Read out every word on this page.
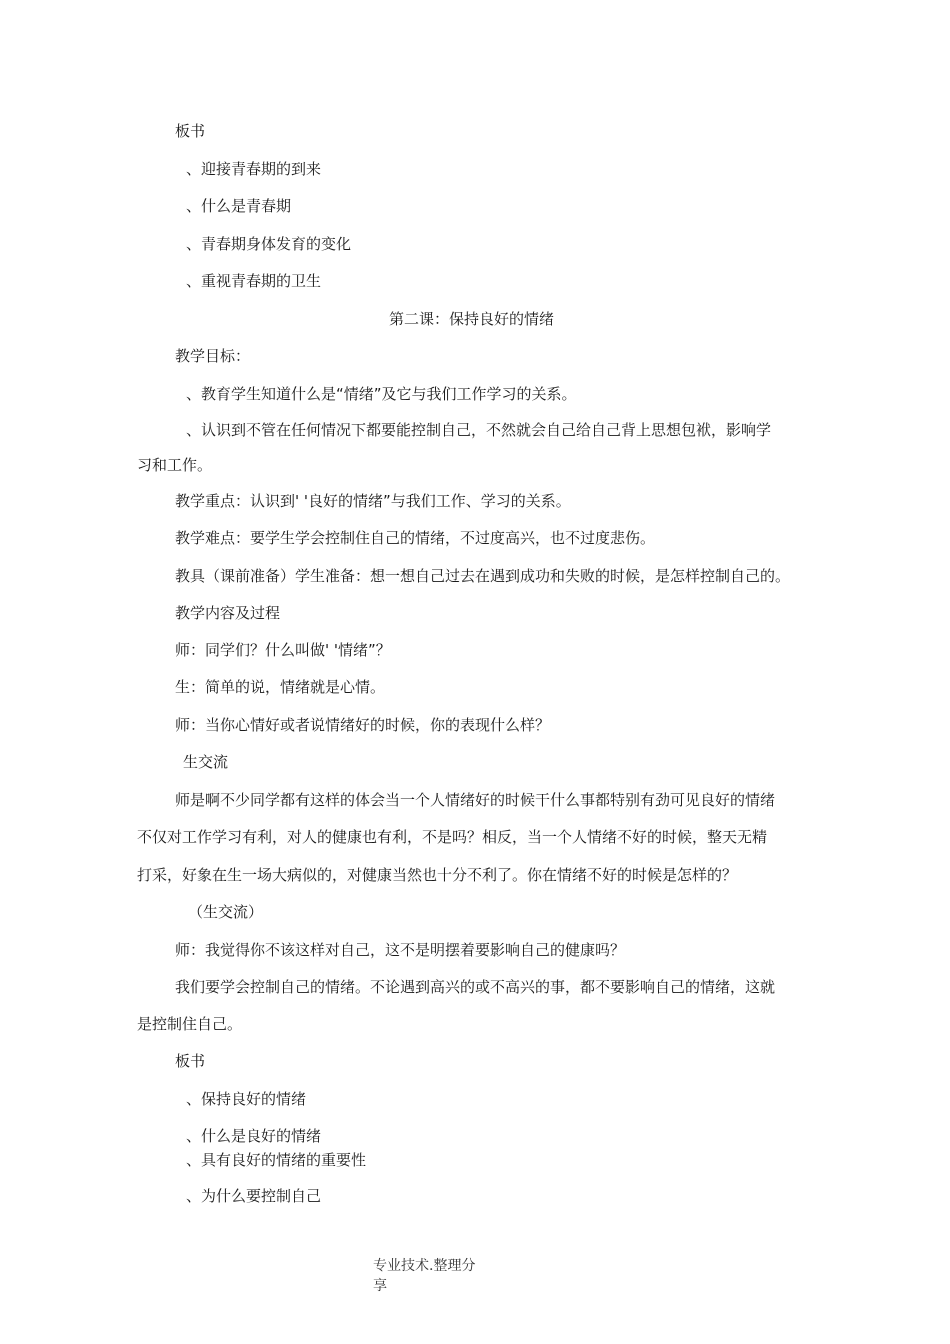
板书

、迎接青春期的到来

、什么是青春期

、青春期身体发育的变化

、重视青春期的卫生

第二课：保持良好的情绪

教学目标：

、教育学生知道什么是“情绪”及它与我们工作学习的关系。

、认识到不管在任何情况下都要能控制自己，不然就会自己给自己背上思想包袱，影响学

习和工作。

教学重点：认识到' '良好的情绪”与我们工作、学习的关系。

教学难点：要学生学会控制住自己的情绪，不过度高兴，也不过度悲伤。

教具（课前准备）学生准备：想一想自己过去在遇到成功和失败的时候，是怎样控制自己的。

教学内容及过程

师：同学们？什么叫做' '情绪”？

生：简单的说，情绪就是心情。

师：当你心情好或者说情绪好的时候，你的表现什么样？

生交流

师是啊不少同学都有这样的体会当一个人情绪好的时候干什么事都特别有劲可见良好的情绪

不仅对工作学习有利，对人的健康也有利，不是吗？相反，当一个人情绪不好的时候，整天无精

打采，好象在生一场大病似的，对健康当然也十分不利了。你在情绪不好的时候是怎样的？

（生交流）

师：我觉得你不该这样对自己，这不是明摆着要影响自己的健康吗？

我们要学会控制自己的情绪。不论遇到高兴的或不高兴的事，都不要影响自己的情绪，这就

是控制住自己。

板书

、保持良好的情绪

、什么是良好的情绪

、具有良好的情绪的重要性

、为什么要控制自己

专业技术.整理分享
